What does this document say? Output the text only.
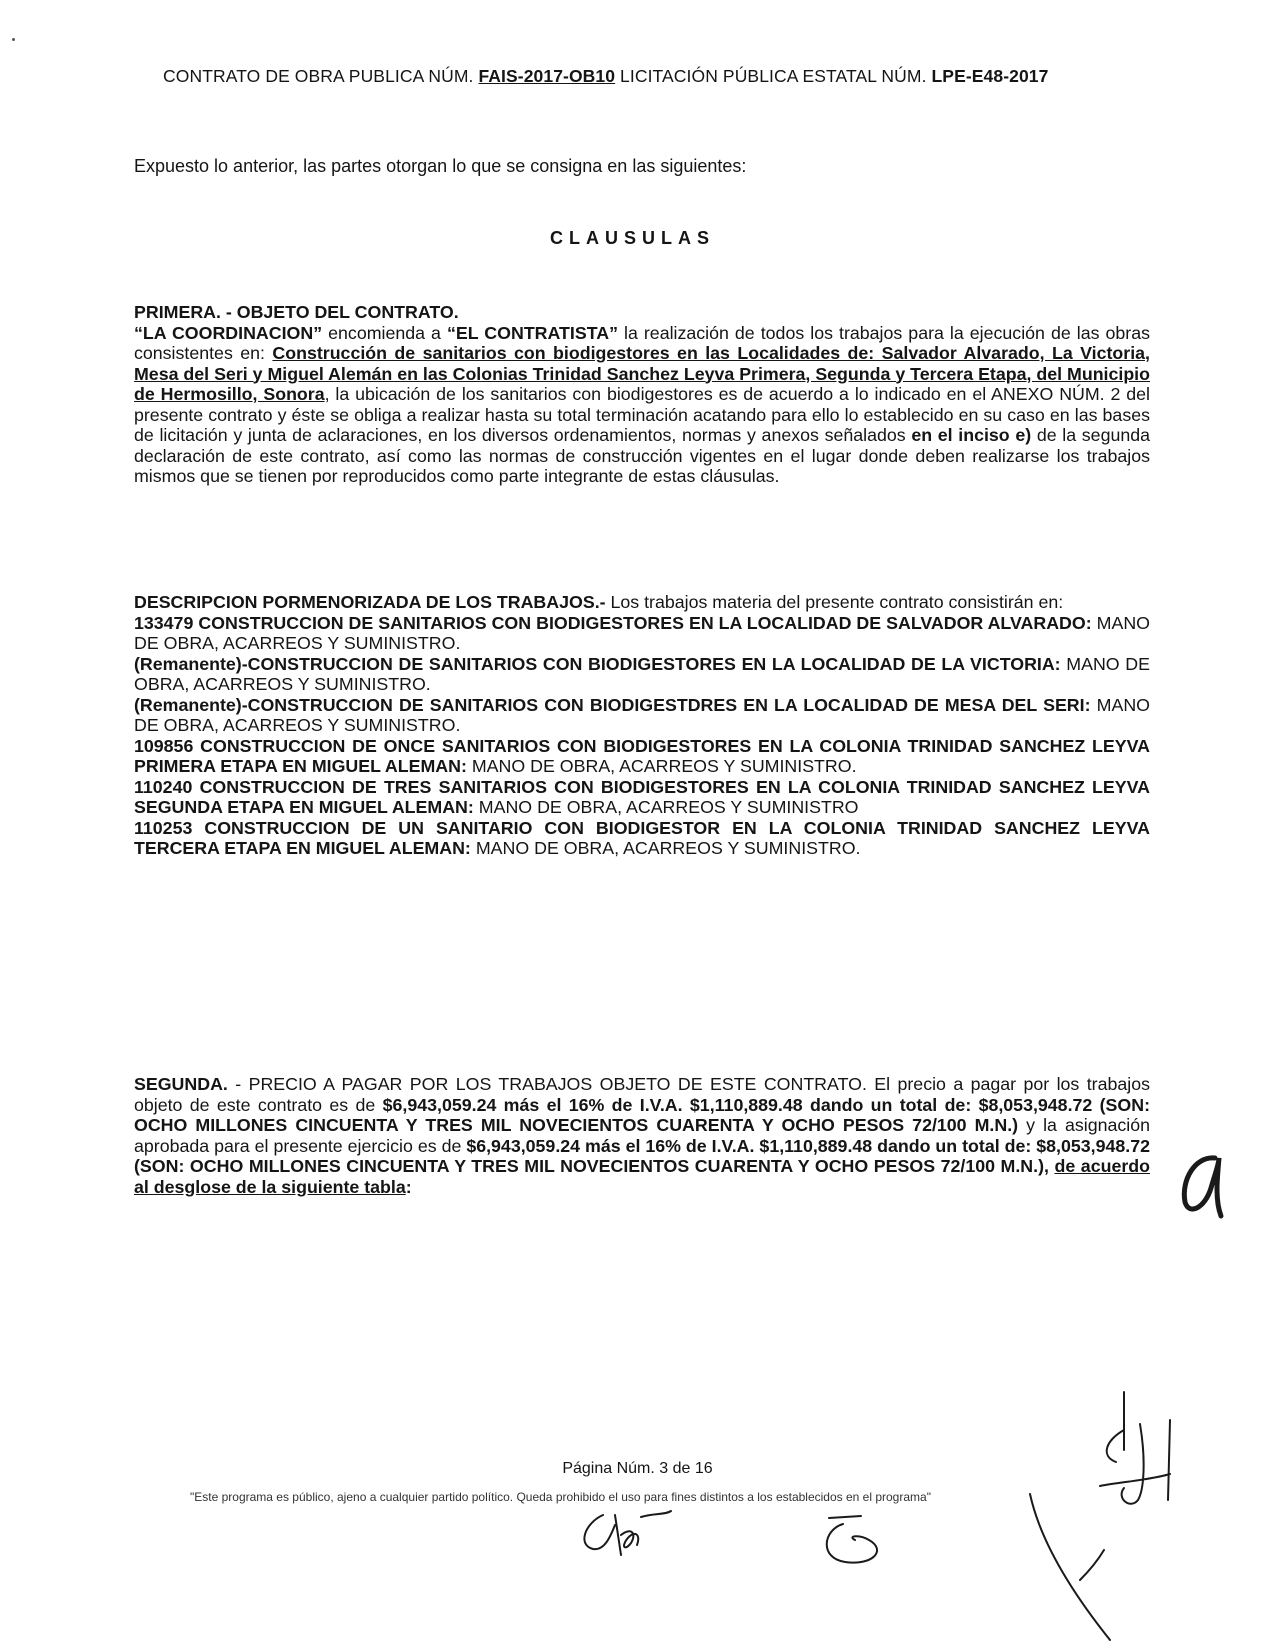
CONTRATO DE OBRA PUBLICA NÚM. FAIS-2017-OB10 LICITACIÓN PÚBLICA ESTATAL NÚM. LPE-E48-2017
Expuesto lo anterior, las partes otorgan lo que se consigna en las siguientes:
CLAUSULAS
PRIMERA. - OBJETO DEL CONTRATO.
“LA COORDINACION” encomienda a “EL CONTRATISTA” la realización de todos los trabajos para la ejecución de las obras consistentes en: Construcción de sanitarios con biodigestores en las Localidades de: Salvador Alvarado, La Victoria, Mesa del Seri y Miguel Alemán en las Colonias Trinidad Sanchez Leyva Primera, Segunda y Tercera Etapa, del Municipio de Hermosillo, Sonora, la ubicación de los sanitarios con biodigestores es de acuerdo a lo indicado en el ANEXO NÚM. 2 del presente contrato y éste se obliga a realizar hasta su total terminación acatando para ello lo establecido en su caso en las bases de licitación y junta de aclaraciones, en los diversos ordenamientos, normas y anexos señalados en el inciso e) de la segunda declaración de este contrato, así como las normas de construcción vigentes en el lugar donde deben realizarse los trabajos mismos que se tienen por reproducidos como parte integrante de estas cláusulas.
DESCRIPCION PORMENORIZADA DE LOS TRABAJOS.- Los trabajos materia del presente contrato consistirán en:
133479 CONSTRUCCION DE SANITARIOS CON BIODIGESTORES EN LA LOCALIDAD DE SALVADOR ALVARADO: MANO DE OBRA, ACARREOS Y SUMINISTRO.
(Remanente)-CONSTRUCCION DE SANITARIOS CON BIODIGESTORES EN LA LOCALIDAD DE LA VICTORIA: MANO DE OBRA, ACARREOS Y SUMINISTRO.
(Remanente)-CONSTRUCCION DE SANITARIOS CON BIODIGESTDRES EN LA LOCALIDAD DE MESA DEL SERI: MANO DE OBRA, ACARREOS Y SUMINISTRO.
109856 CONSTRUCCION DE ONCE SANITARIOS CON BIODIGESTORES EN LA COLONIA TRINIDAD SANCHEZ LEYVA PRIMERA ETAPA EN MIGUEL ALEMAN: MANO DE OBRA, ACARREOS Y SUMINISTRO.
110240 CONSTRUCCION DE TRES SANITARIOS CON BIODIGESTORES EN LA COLONIA TRINIDAD SANCHEZ LEYVA SEGUNDA ETAPA EN MIGUEL ALEMAN: MANO DE OBRA, ACARREOS Y SUMINISTRO
110253 CONSTRUCCION DE UN SANITARIO CON BIODIGESTOR EN LA COLONIA TRINIDAD SANCHEZ LEYVA TERCERA ETAPA EN MIGUEL ALEMAN: MANO DE OBRA, ACARREOS Y SUMINISTRO.
SEGUNDA. - PRECIO A PAGAR POR LOS TRABAJOS OBJETO DE ESTE CONTRATO. El precio a pagar por los trabajos objeto de este contrato es de $6,943,059.24 más el 16% de I.V.A. $1,110,889.48 dando un total de: $8,053,948.72 (SON: OCHO MILLONES CINCUENTA Y TRES MIL NOVECIENTOS CUARENTA Y OCHO PESOS 72/100 M.N.) y la asignación aprobada para el presente ejercicio es de $6,943,059.24 más el 16% de I.V.A. $1,110,889.48 dando un total de: $8,053,948.72 (SON: OCHO MILLONES CINCUENTA Y TRES MIL NOVECIENTOS CUARENTA Y OCHO PESOS 72/100 M.N.), de acuerdo al desglose de la siguiente tabla:
Página Núm. 3 de 16
"Este programa es público, ajeno a cualquier partido político. Queda prohibido el uso para fines distintos a los establecidos en el programa"
